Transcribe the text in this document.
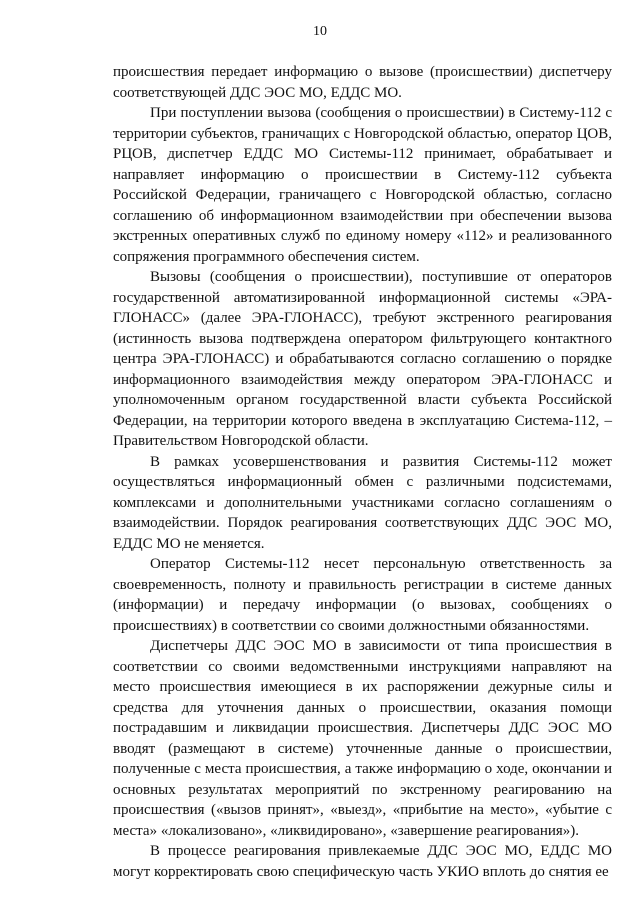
10

происшествия передает информацию о вызове (происшествии) диспетчеру соответствующей ДДС ЭОС МО, ЕДДС МО.

При поступлении вызова (сообщения о происшествии) в Систему-112 с территории субъектов, граничащих с Новгородской областью, оператор ЦОВ, РЦОВ, диспетчер ЕДДС МО Системы-112 принимает, обрабатывает и направляет информацию о происшествии в Систему-112 субъекта Российской Федерации, граничащего с Новгородской областью, согласно соглашению об информационном взаимодействии при обеспечении вызова экстренных оперативных служб по единому номеру «112» и реализованного сопряжения программного обеспечения систем.

Вызовы (сообщения о происшествии), поступившие от операторов государственной автоматизированной информационной системы «ЭРА-ГЛОНАСС» (далее ЭРА-ГЛОНАСС), требуют экстренного реагирования (истинность вызова подтверждена оператором фильтрующего контактного центра ЭРА-ГЛОНАСС) и обрабатываются согласно соглашению о порядке информационного взаимодействия между оператором ЭРА-ГЛОНАСС и уполномоченным органом государственной власти субъекта Российской Федерации, на территории которого введена в эксплуатацию Система-112, – Правительством Новгородской области.

В рамках усовершенствования и развития Системы-112 может осуществляться информационный обмен с различными подсистемами, комплексами и дополнительными участниками согласно соглашениям о взаимодействии. Порядок реагирования соответствующих ДДС ЭОС МО, ЕДДС МО не меняется.

Оператор Системы-112 несет персональную ответственность за своевременность, полноту и правильность регистрации в системе данных (информации) и передачу информации (о вызовах, сообщениях о происшествиях) в соответствии со своими должностными обязанностями.

Диспетчеры ДДС ЭОС МО в зависимости от типа происшествия в соответствии со своими ведомственными инструкциями направляют на место происшествия имеющиеся в их распоряжении дежурные силы и средства для уточнения данных о происшествии, оказания помощи пострадавшим и ликвидации происшествия. Диспетчеры ДДС ЭОС МО вводят (размещают в системе) уточненные данные о происшествии, полученные с места происшествия, а также информацию о ходе, окончании и основных результатах мероприятий по экстренному реагированию на происшествия («вызов принят», «выезд», «прибытие на место», «убытие с места» «локализовано», «ликвидировано», «завершение реагирования»).

В процессе реагирования привлекаемые ДДС ЭОС МО, ЕДДС МО могут корректировать свою специфическую часть УКИО вплоть до снятия ее
